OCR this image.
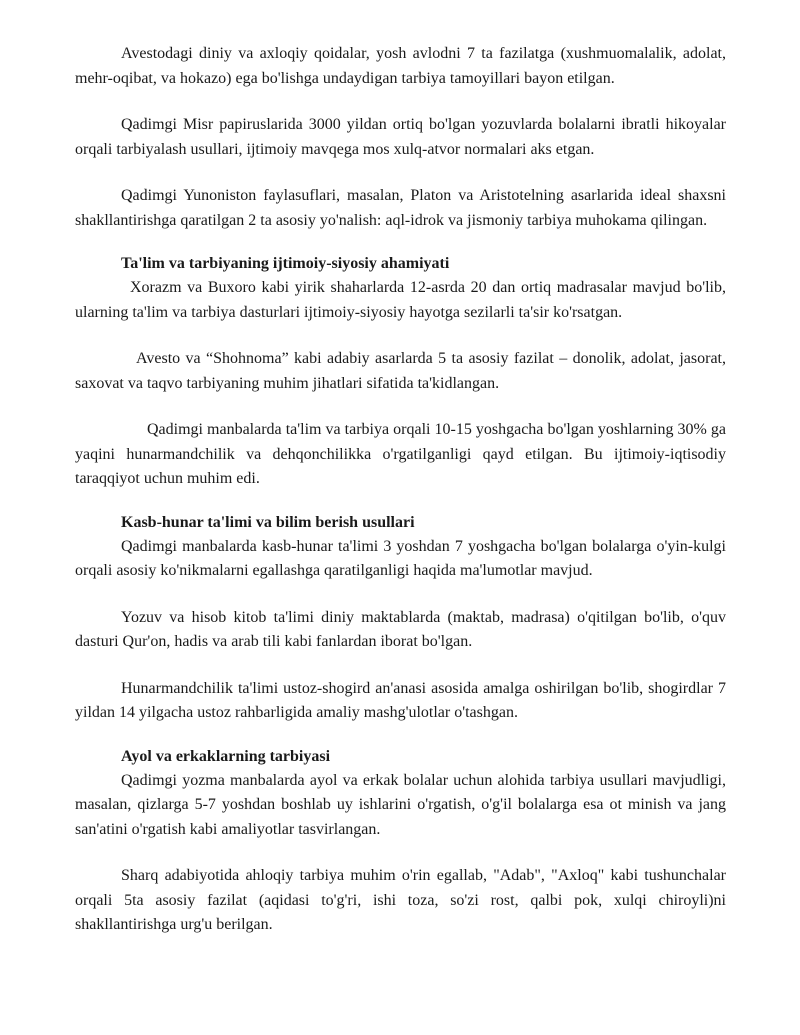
Avestodagi diniy va axloqiy qoidalar, yosh avlodni 7 ta fazilatga (xushmuomalalik, adolat, mehr-oqibat, va hokazo) ega bo'lishga undaydigan tarbiya tamoyillari bayon etilgan.

Qadimgi Misr papiruslarida 3000 yildan ortiq bo'lgan yozuvlarda bolalarni ibratli hikoyalar orqali tarbiyalash usullari, ijtimoiy mavqega mos xulq-atvor normalari aks etgan.

Qadimgi Yunoniston faylasuflari, masalan, Platon va Aristotelning asarlarida ideal shaxsni shakllantirishga qaratilgan 2 ta asosiy yo'nalish: aql-idrok va jismoniy tarbiya muhokama qilingan.

Ta'lim va tarbiyaning ijtimoiy-siyosiy ahamiyati

Xorazm va Buxoro kabi yirik shaharlarda 12-asrda 20 dan ortiq madrasalar mavjud bo'lib, ularning ta'lim va tarbiya dasturlari ijtimoiy-siyosiy hayotga sezilarli ta'sir ko'rsatgan.

Avesto va “Shohnoma” kabi adabiy asarlarda 5 ta asosiy fazilat – donolik, adolat, jasorat, saxovat va taqvo tarbiyaning muhim jihatlari sifatida ta'kidlangan.

Qadimgi manbalarda ta'lim va tarbiya orqali 10-15 yoshgacha bo'lgan yoshlarning 30% ga yaqini hunarmandchilik va dehqonchilikka o'rgatilganligi qayd etilgan. Bu ijtimoiy-iqtisodiy taraqqiyot uchun muhim edi.

Kasb-hunar ta'limi va bilim berish usullari

Qadimgi manbalarda kasb-hunar ta'limi 3 yoshdan 7 yoshgacha bo'lgan bolalarga o'yin-kulgi orqali asosiy ko'nikmalarni egallashga qaratilganligi haqida ma'lumotlar mavjud.

Yozuv va hisob kitob ta'limi diniy maktablarda (maktab, madrasa) o'qitilgan bo'lib, o'quv dasturi Qur'on, hadis va arab tili kabi fanlardan iborat bo'lgan.

Hunarmandchilik ta'limi ustoz-shogird an'anasi asosida amalga oshirilgan bo'lib, shogirdlar 7 yildan 14 yilgacha ustoz rahbarligida amaliy mashg'ulotlar o'tashgan.

Ayol va erkaklarning tarbiyasi

Qadimgi yozma manbalarda ayol va erkak bolalar uchun alohida tarbiya usullari mavjudligi, masalan, qizlarga 5-7 yoshdan boshlab uy ishlarini o'rgatish, o'g'il bolalarga esa ot minish va jang san'atini o'rgatish kabi amaliyotlar tasvirlangan.

Sharq adabiyotida ahloqiy tarbiya muhim o'rin egallab, "Adab", "Axloq" kabi tushunchalar orqali 5ta asosiy fazilat (aqidasi to'g'ri, ishi toza, so'zi rost, qalbi pok, xulqi chiroyli)ni shakllantirishga urg'u berilgan.
